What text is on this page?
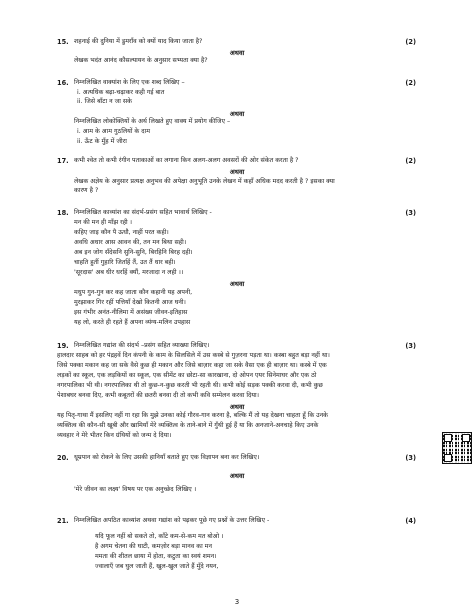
15.	(2)
शहनाई की दुनिया में डुमराँव को क्यों याद किया जाता है?
लेखक भदंत आनंद कौसल्यायन के अनुसार सभ्यता क्या है?
अथवा
16.	(2)
निम्नलिखित वाक्यांश के लिए एक शब्द लिखिए –
i. अत्यधिक बढ़ा-चढ़ाकर कही गई बात
ii. जिसे बाँटा न जा सके
निम्नलिखित लोकोक्तियों के अर्थ लिखते हुए वाक्य में प्रयोग कीजिए –
i. आम के आम गुठलियों के दाम
ii. ऊँट के मुँह में जीरा
अथवा
17.	(2)
कभी श्वेत तो कभी रंगीन पताकाओं का लगाना किन अलग-अलग अवसरों की ओर संकेत करता है ?
लेखक अज्ञेय के अनुसार प्रत्यक्ष अनुभव की अपेक्षा अनुभूति उनके लेखन में कहाँ अधिक मदद करती है ? इसका क्या
कारण है ?
अथवा
18.	(3)
निम्नलिखित काव्यांश का संदर्भ-प्रसंग सहित भावार्थ लिखिए -
मन की मन ही माँझ रही ।
कहिए जाइ कौन पै ऊधौ, नाहीं परत कही।
अवधि अधार आस आवन की, तन मन बिथा सही।
अब इन जोग सँदेसनि सुनि-सुनि, बिरहिनि बिरह दही।
चाहति हुतीं गुहारि जितहिं तैं, उत तैं धार बही।
'सूरदास' अब धीर धरहिं क्यौं, मरजादा न लही ।।
मधुप गुन-गुन कर कह जाता कौन कहानी यह अपनी,
मुरझाकर गिर रहीं पत्तियाँ देखो कितनी आज घनी।
इस गंभीर अनंत-नीलिमा में असंख्य जीवन-इतिहास
यह लो, करते ही रहते हैं अपना व्यंग्य-मलिन उपहास
अथवा
19.	(3)
निम्नलिखित गद्यांश की संदर्भ –प्रसंग सहित व्याख्या लिखिए।
हालदार साहब को हर पंद्रहवें दिन कंपनी के काम के सिलसिले में उस कस्बे से गुज़रना पड़ता था। कस्बा बहुत बड़ा नहीं था।
जिसे पक्का मकान कह जा सके वैसे कुछ ही मकान और जिसे बाज़ार कहा जा सके वैसा एक ही बाज़ार था। कस्बे में एक
लड़कों का स्कूल, एक लड़कियों का स्कूल, एक सीमेंट का छोटा-सा कारखाना, दो ओपन एयर सिनेमाघर और एक ठो
नगरपालिका भी थी। नगरपालिका थी तो कुछ-न-कुछ करती भी रहती थी। कभी कोई सड़क पक्की करवा दी, कभी कुछ
पेशाबघर बनवा दिए, कभी कबूतरों की छतरी बनवा दी तो कभी कवि सम्मेलन करवा दिया।
यह पितृ-गाथा मैं इसलिए नहीं गा रहा कि मुझे उनका कोई गौरव-गान करना है, बल्कि मैं तो यह देखना चाहता हूँ कि उनके
व्यक्तित्व की कौन-सी खूबी और खामियाँ मेरे व्यक्तित्व के ताने-बाने में गुँथी हुई हैं या कि अनजाने-अनचाहे किए उनके
व्यवहार ने मेरे भीतर किन ग्रंथियों को जन्म दे दिया।
अथवा
20.	(3)
धूम्रपान को रोकने के लिए उसकी हानियाँ बताते हुए एक विज्ञापन बना कर लिखिए।
'मेरे जीवन का लक्ष्य' विषय पर एक अनुच्छेद लिखिए ।
अथवा
21.	(4)
निम्नलिखित अपठित काव्यांश अथवा गद्यांश को पढ़कर पूछे गए प्रश्नों के उत्तर लिखिए -
यदि फूल नहीं बो सकते तो, काँटे कम-से-कम मत बोओ ।
है अगम चेतना की घाटी, कमज़ोर बड़ा मानव का मन
ममता की शीतल छाया में होता, कटुता का स्वयं शमन।
ज्वालाएँ जब घुल जाती हैं, खुल-खुल जाते हैं मुँदे नयन,
3
